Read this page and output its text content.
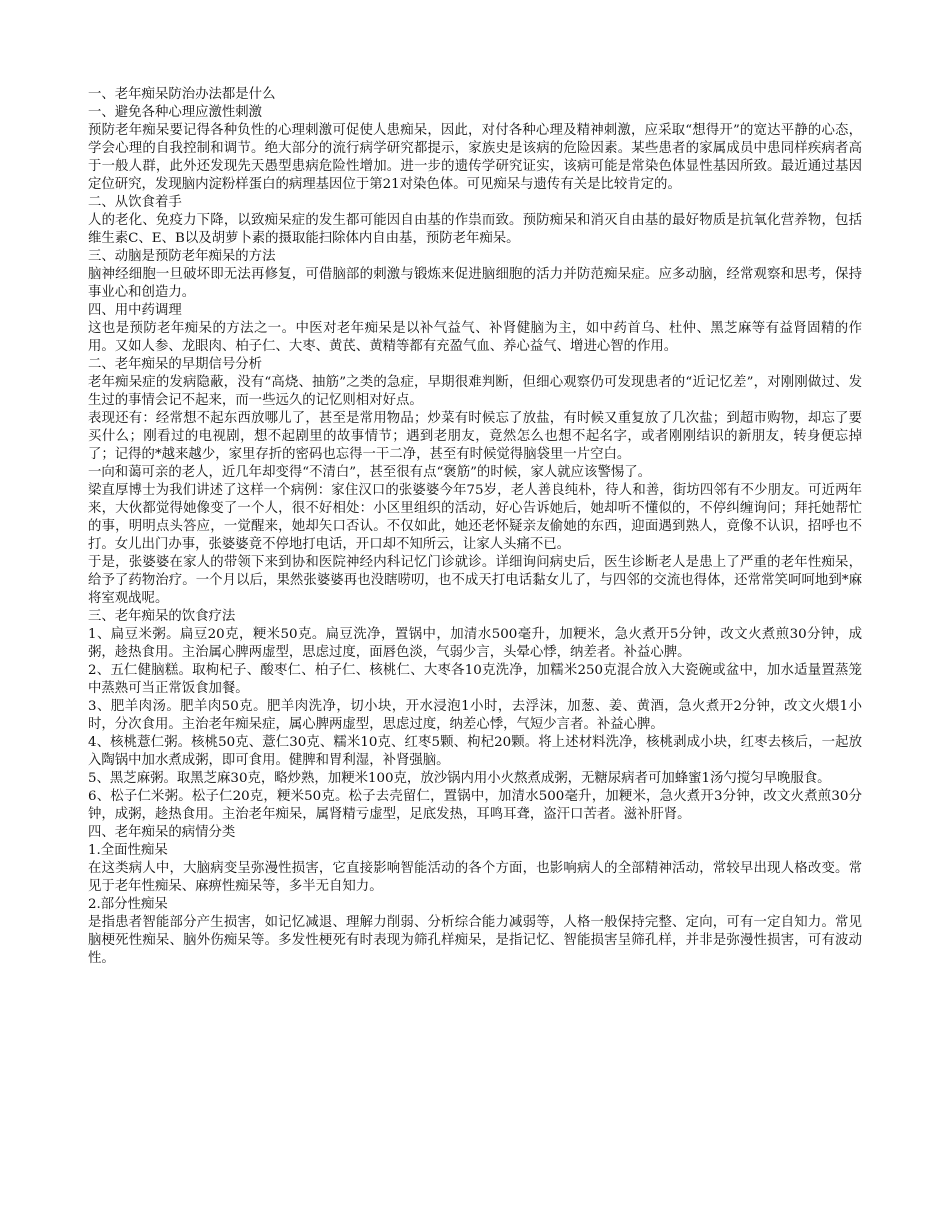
一、老年痴呆防治办法都是什么
一、避免各种心理应激性刺激
预防老年痴呆要记得各种负性的心理刺激可促使人患痴呆，因此，对付各种心理及精神刺激，应采取“想得开”的宽达平静的心态，学会心理的自我控制和调节。绝大部分的流行病学研究都提示，家族史是该病的危险因素。某些患者的家属成员中患同样疾病者高于一般人群，此外还发现先天愚型患病危险性增加。进一步的遗传学研究证实，该病可能是常染色体显性基因所致。最近通过基因定位研究，发现脑内淀粉样蛋白的病理基因位于第21对染色体。可见痴呆与遗传有关是比较肯定的。
二、从饮食着手
人的老化、免疫力下降，以致痴呆症的发生都可能因自由基的作祟而致。预防痴呆和消灭自由基的最好物质是抗氧化营养物，包括维生素C、E、B以及胡萝卜素的摄取能扫除体内自由基，预防老年痴呆。
三、动脑是预防老年痴呆的方法
脑神经细胞一旦破坏即无法再修复，可借脑部的刺激与锻炼来促进脑细胞的活力并防范痴呆症。应多动脑，经常观察和思考，保持事业心和创造力。
四、用中药调理
这也是预防老年痴呆的方法之一。中医对老年痴呆是以补气益气、补肾健脑为主，如中药首乌、杜仲、黑芝麻等有益肾固精的作用。又如人参、龙眼肉、柏子仁、大枣、黄芪、黄精等都有充盈气血、养心益气、增进心智的作用。
二、老年痴呆的早期信号分析
老年痴呆症的发病隐蔽，没有“高烧、抽筋”之类的急症，早期很难判断，但细心观察仍可发现患者的“近记忆差”，对刚刚做过、发生过的事情会记不起来，而一些远久的记忆则相对好点。
表现还有：经常想不起东西放哪儿了，甚至是常用物品；炒菜有时候忘了放盐，有时候又重复放了几次盐；到超市购物，却忘了要买什么；刚看过的电视剧，想不起剧里的故事情节；遇到老朋友，竟然怎么也想不起名字，或者刚刚结识的新朋友，转身便忘掉了；记得的*越来越少，家里存折的密码也忘得一干二净，甚至有时候觉得脑袋里一片空白。
一向和蔼可亲的老人，近几年却变得“不清白”，甚至很有点“褒筋”的时候，家人就应该警惕了。
梁直厚博士为我们讲述了这样一个病例：家住汉口的张婆婆今年75岁，老人善良纯朴，待人和善，街坊四邻有不少朋友。可近两年来，大伙都觉得她像变了一个人，很不好相处：小区里组织的活动，好心告诉她后，她却听不懂似的，不停纠缠询问；拜托她帮忙的事，明明点头答应，一觉醒来，她却矢口否认。不仅如此，她还老怀疑亲友偷她的东西，迎面遇到熟人，竟像不认识，招呼也不打。女儿出门办事，张婆婆竟不停地打电话，开口却不知所云，让家人头痛不已。
于是，张婆婆在家人的带领下来到协和医院神经内科记忆门诊就诊。详细询问病史后，医生诊断老人是患上了严重的老年性痴呆，给予了药物治疗。一个月以后，果然张婆婆再也没瞎唠叨，也不成天打电话黏女儿了，与四邻的交流也得体，还常常笑呵呵地到*麻将室观战呢。
三、老年痴呆的饮食疗法
1、扁豆米粥。扁豆20克，粳米50克。扁豆洗净，置锅中，加清水500毫升，加粳米，急火煮开5分钟，改文火煮煎30分钟，成粥，趁热食用。主治属心脾两虚型，思虑过度，面唇色淡，气弱少言，头晕心悸，纳差者。补益心脾。
2、五仁健脑糕。取枸杞子、酸枣仁、柏子仁、核桃仁、大枣各10克洗净，加糯米250克混合放入大瓷碗或盆中，加水适量置蒸笼中蒸熟可当正常饭食加餐。
3、肥羊肉汤。肥羊肉50克。肥羊肉洗净，切小块，开水浸泡1小时，去浮沫，加葱、姜、黄酒，急火煮开2分钟，改文火煨1小时，分次食用。主治老年痴呆症，属心脾两虚型，思虑过度，纳差心悸，气短少言者。补益心脾。
4、核桃薏仁粥。核桃50克、薏仁30克、糯米10克、红枣5颗、枸杞20颗。将上述材料洗净，核桃剥成小块，红枣去核后，一起放入陶锅中加水煮成粥，即可食用。健脾和胃利湿，补肾强脑。
5、黑芝麻粥。取黑芝麻30克，略炒熟，加粳米100克，放沙锅内用小火熬煮成粥，无糖尿病者可加蜂蜜1汤勺搅匀早晚服食。
6、松子仁米粥。松子仁20克，粳米50克。松子去壳留仁，置锅中，加清水500毫升，加粳米，急火煮开3分钟，改文火煮煎30分钟，成粥，趁热食用。主治老年痴呆，属肾精亏虚型，足底发热，耳鸣耳聋，盗汗口苦者。滋补肝肾。
四、老年痴呆的病情分类
1.全面性痴呆
在这类病人中，大脑病变呈弥漫性损害，它直接影响智能活动的各个方面，也影响病人的全部精神活动，常较早出现人格改变。常见于老年性痴呆、麻痹性痴呆等，多半无自知力。
2.部分性痴呆
是指患者智能部分产生损害，如记忆减退、理解力削弱、分析综合能力减弱等，人格一般保持完整、定向，可有一定自知力。常见脑梗死性痴呆、脑外伤痴呆等。多发性梗死有时表现为筛孔样痴呆，是指记忆、智能损害呈筛孔样，并非是弥漫性损害，可有波动性。
